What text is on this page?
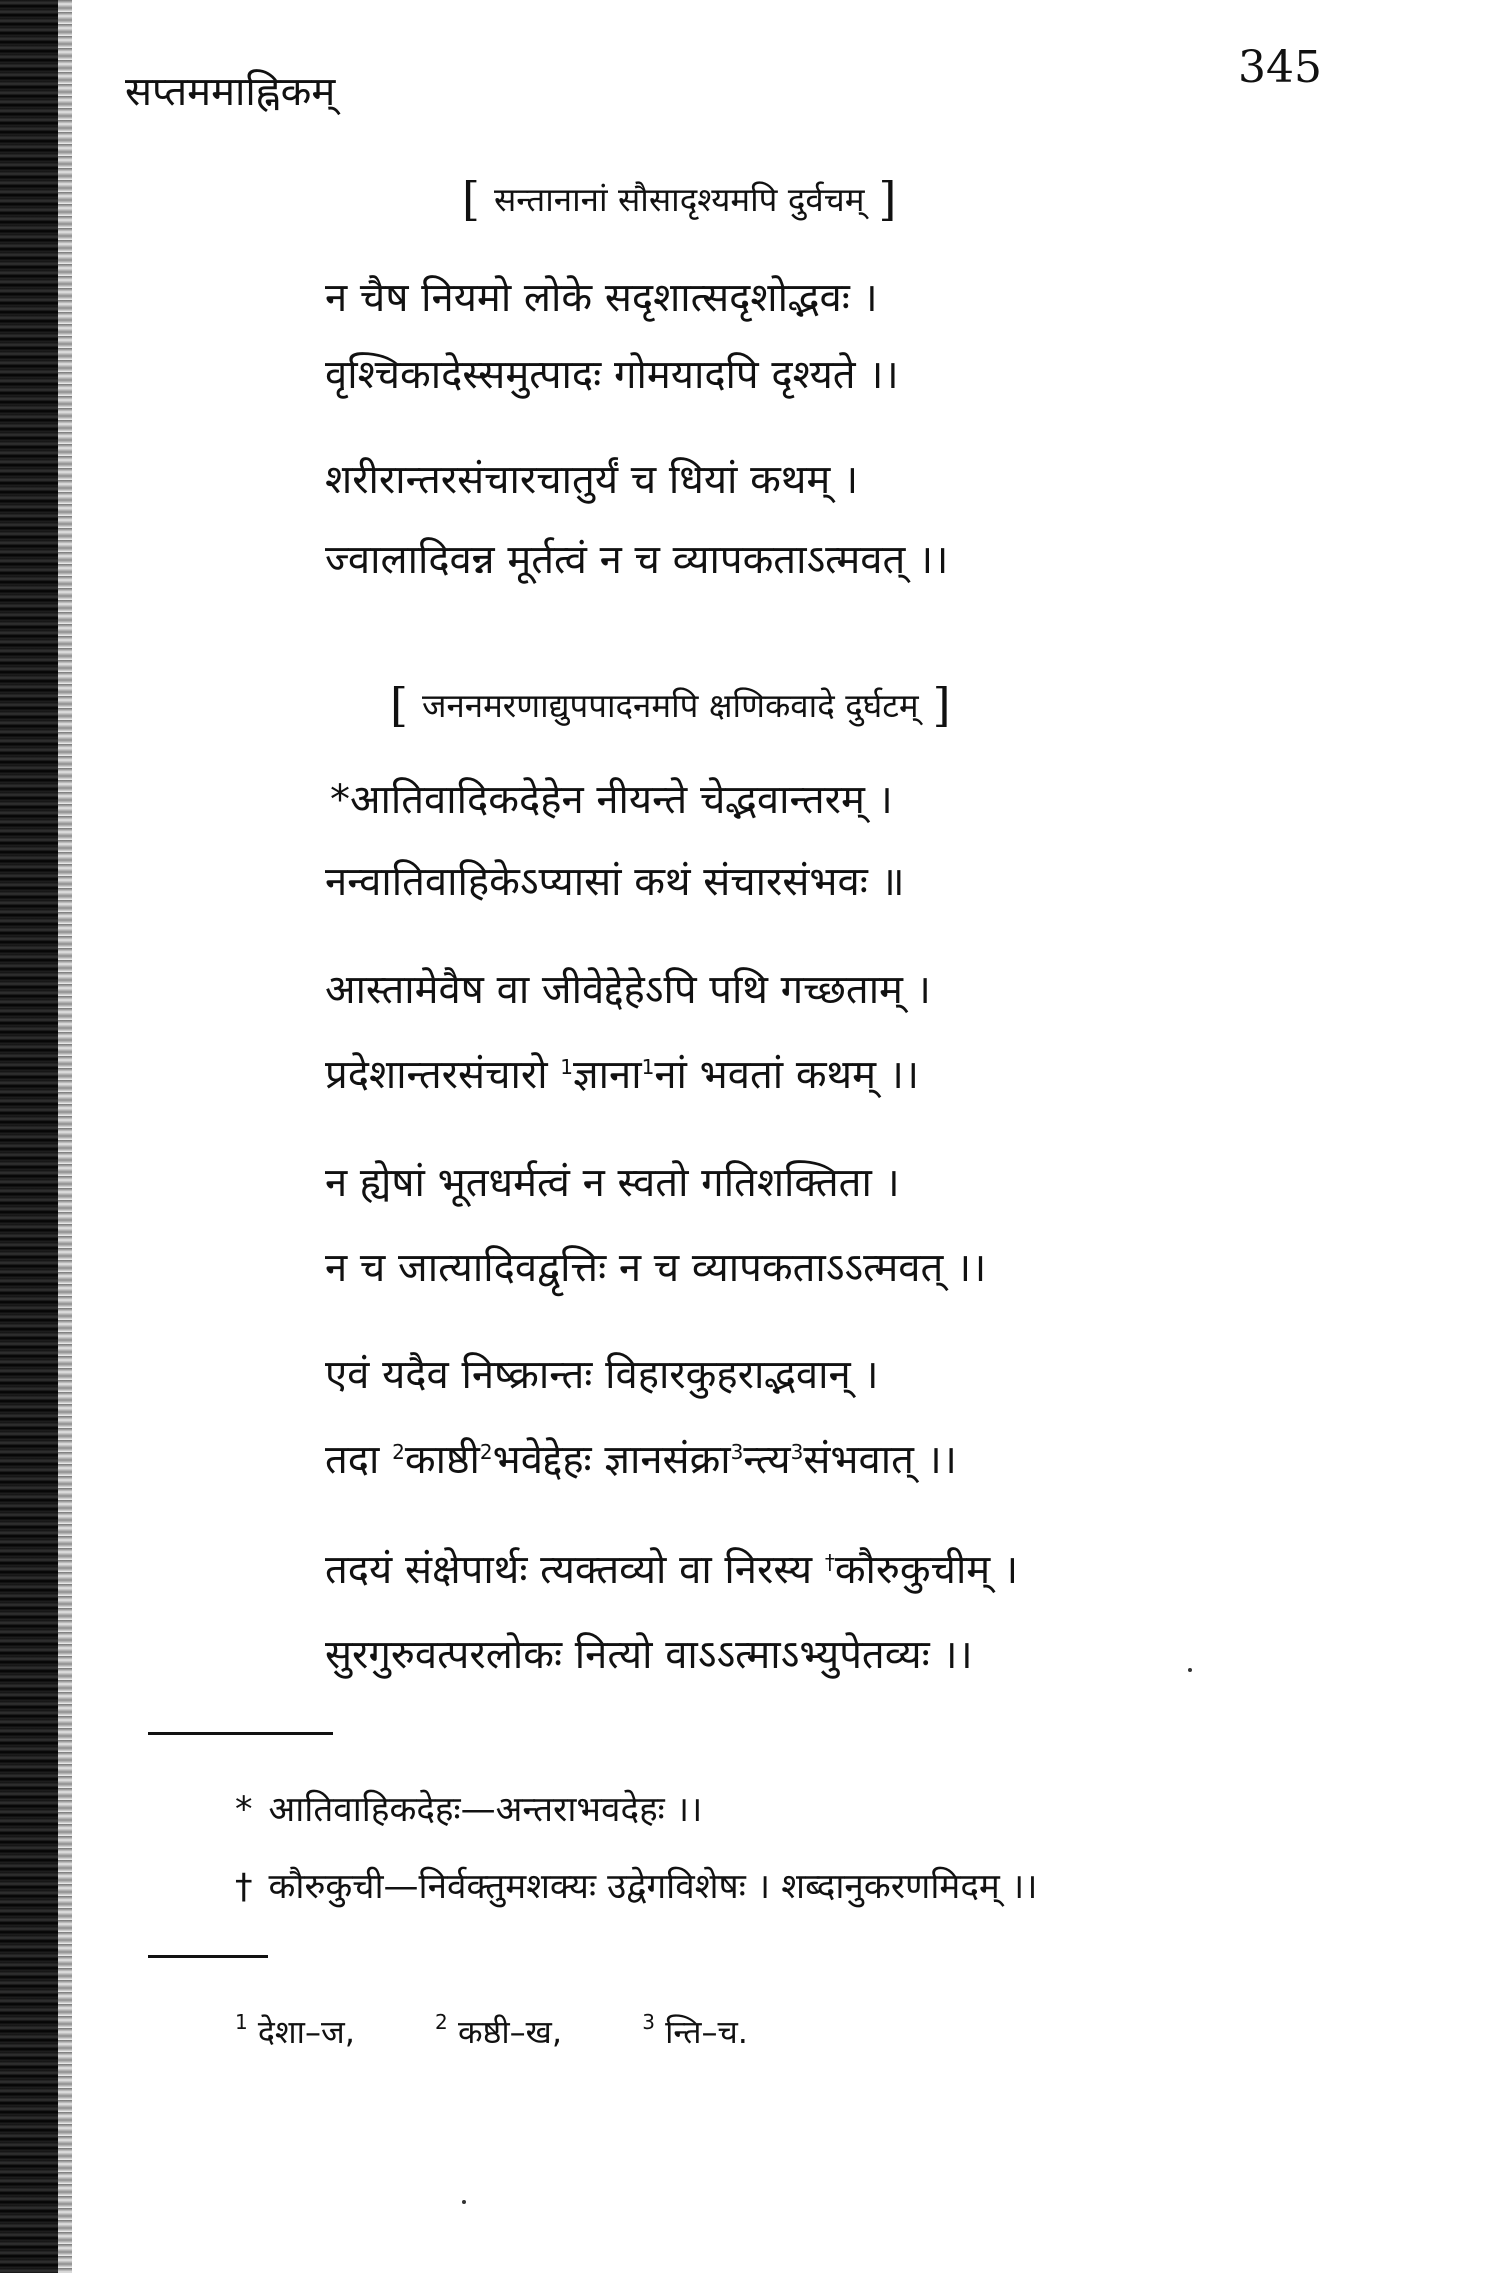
सप्तममाह्निकम्	345
[ सन्तानानां सौसादृश्यमपि दुर्वचम् ]
न चैष नियमो लोके सदृशात्सदृशोद्भवः ।
वृश्चिकादेस्समुत्पादः गोमयादपि दृश्यते ।।
शरीरान्तरसंचारचातुर्यं च धियां कथम् ।
ज्वालादिवन्न मूर्तत्वं न च व्यापकताऽत्मवत् ।।
[ जननमरणाद्युपपादनमपि क्षणिकवादे दुर्घटम् ]
*आतिवादिकदेहेन नीयन्ते चेद्भवान्तरम् ।
नन्वातिवाहिकेऽप्यासां कथं संचारसंभवः ॥
आस्तामेवैष वा जीवेद्देहेऽपि पथि गच्छताम् ।
प्रदेशान्तरसंचारो $^1$ज्ञाना$^1$नां भवतां कथम् ।।
न ह्येषां भूतधर्मत्वं न स्वतो गतिशक्तिता ।
न च जात्यादिवद्वृत्तिः न च व्यापकताऽऽत्मवत् ।।
एवं यदैव निष्क्रान्तः विहारकुहराद्भवान् ।
तदा $^2$काष्ठी$^2$भवेद्देहः ज्ञानसंक्रा$^3$न्त्य$^3$संभवात् ।।
तदयं संक्षेपार्थः त्यक्तव्यो वा निरस्य †कौरुकुचीम् ।
सुरगुरुवत्परलोकः नित्यो वाऽऽत्माऽभ्युपेतव्यः ।।
* आतिवाहिकदेहः—अन्तराभवदेहः ।।
† कौरुकुची—निर्वक्तुमशक्यः उद्वेगविशेषः । शब्दानुकरणमिदम् ।।
$^1$ देशा–ज,	$^2$ कष्ठी–ख,	$^3$ न्ति–च.
